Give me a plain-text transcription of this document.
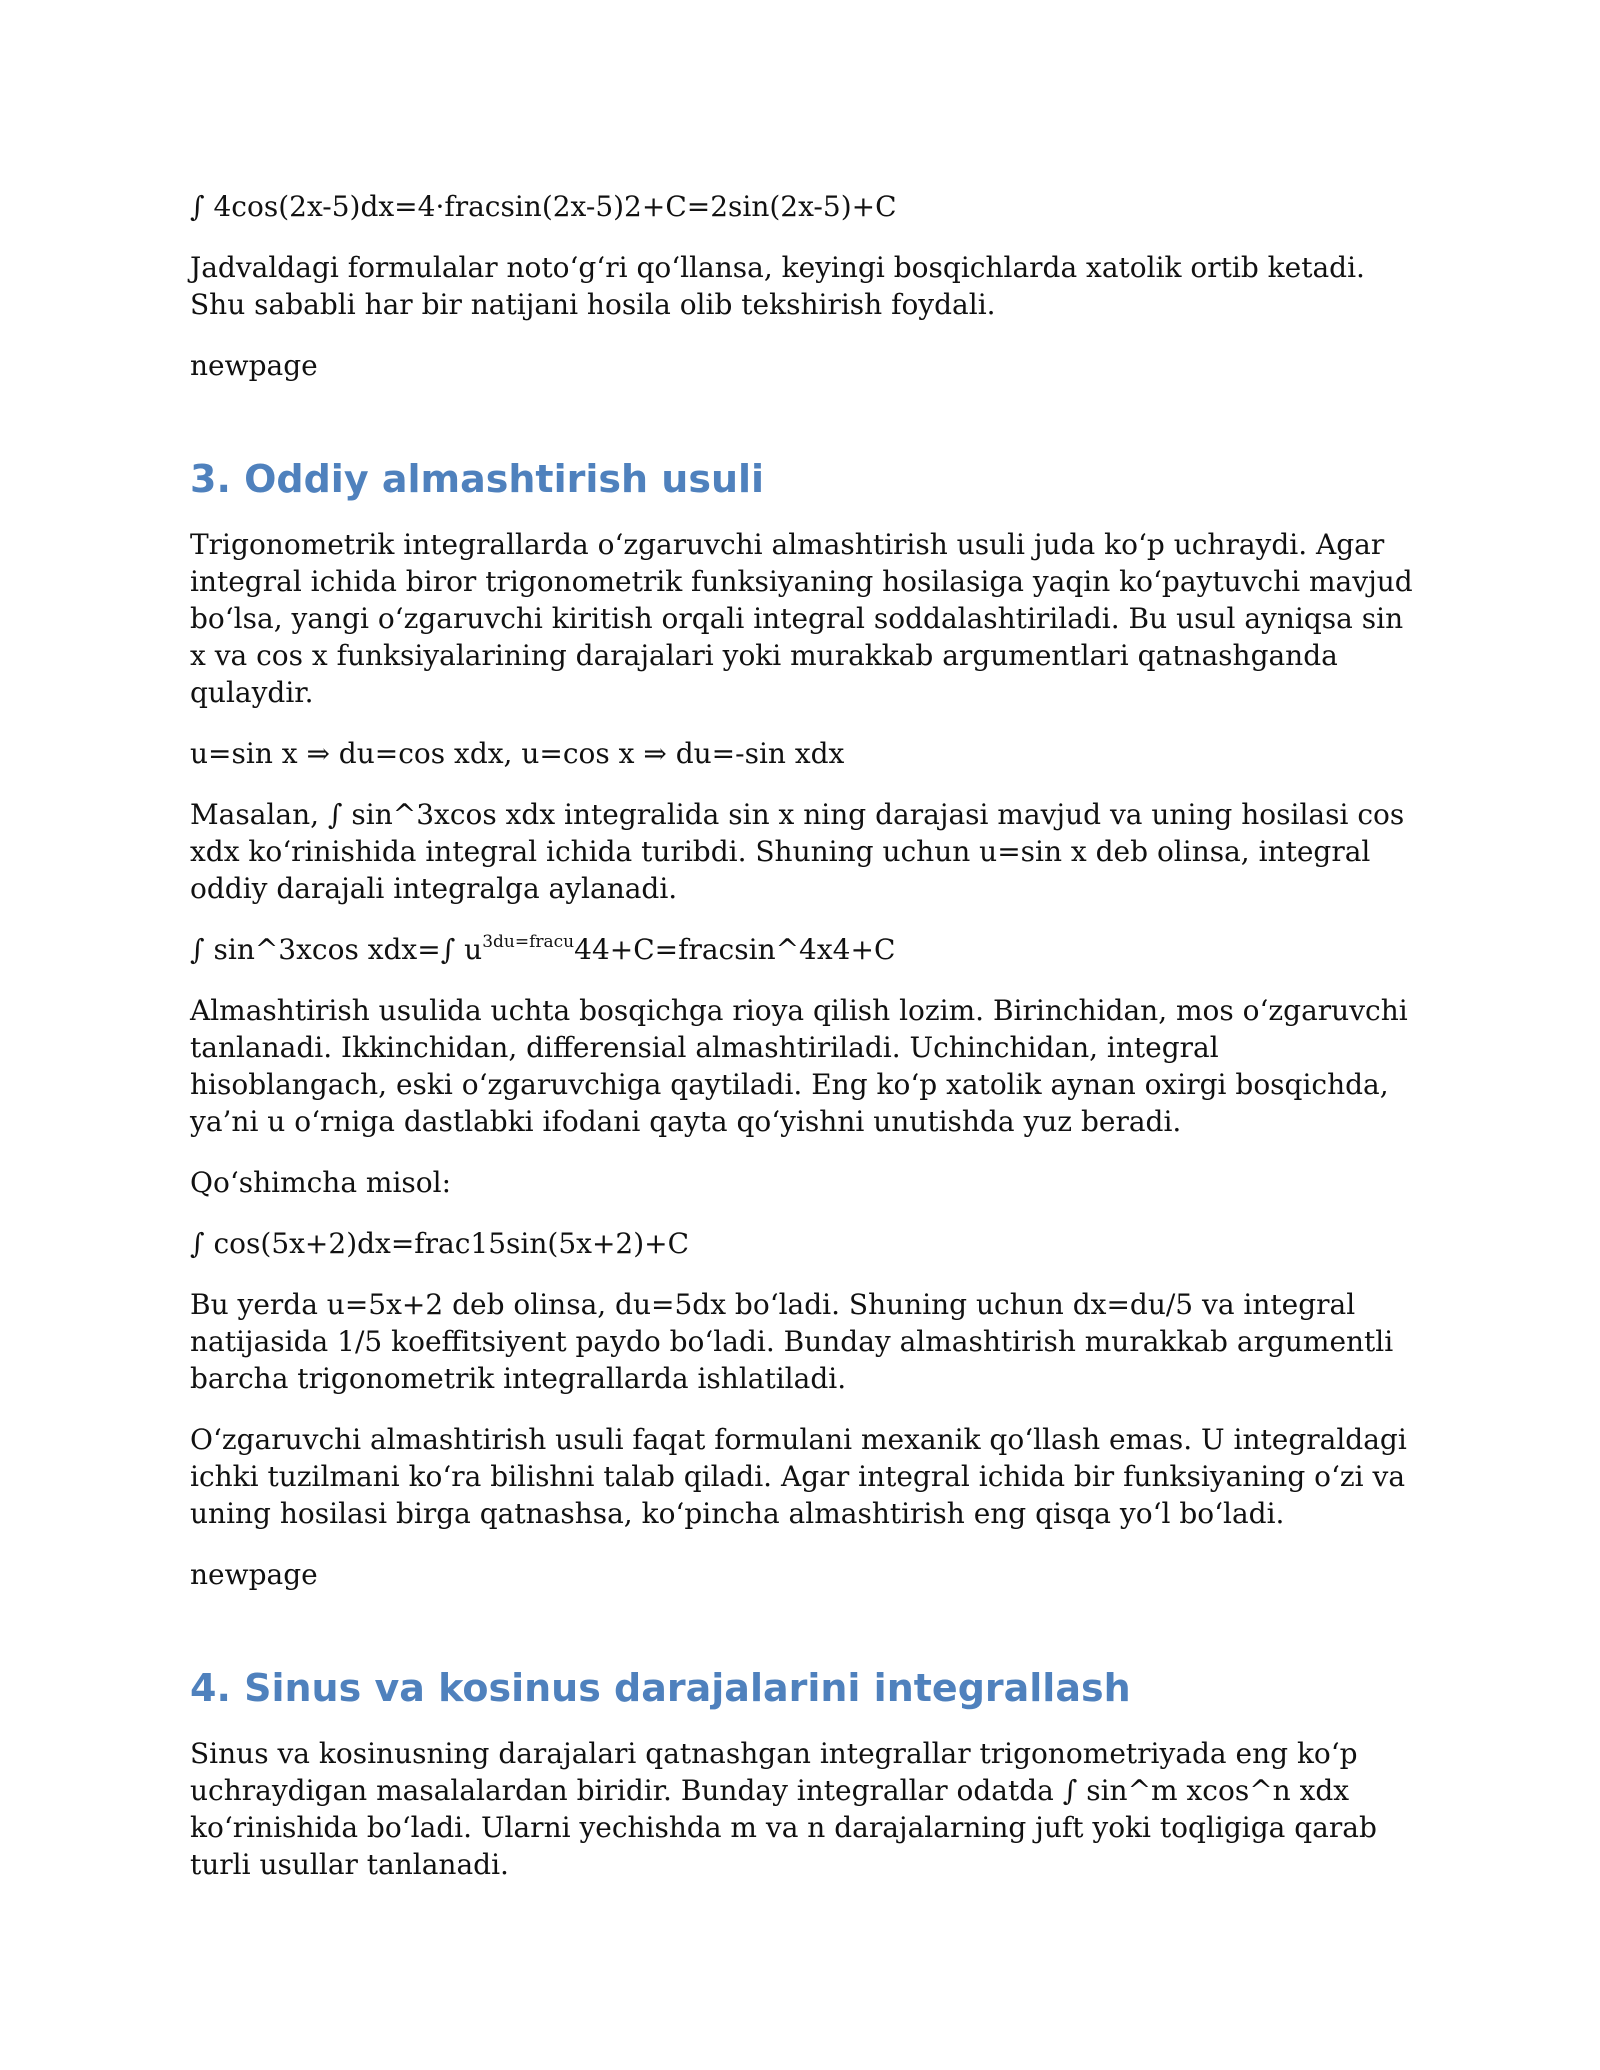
∫ 4cos(2x-5)dx=4·fracsin(2x-5)2+C=2sin(2x-5)+C

Jadvaldagi formulalar noto‘g‘ri qo‘llansa, keyingi bosqichlarda xatolik ortib ketadi. Shu sababli har bir natijani hosila olib tekshirish foydali.

newpage

3. Oddiy almashtirish usuli

Trigonometrik integrallarda o‘zgaruvchi almashtirish usuli juda ko‘p uchraydi. Agar integral ichida biror trigonometrik funksiyaning hosilasiga yaqin ko‘paytuvchi mavjud bo‘lsa, yangi o‘zgaruvchi kiritish orqali integral soddalashtiriladi. Bu usul ayniqsa sin x va cos x funksiyalarining darajalari yoki murakkab argumentlari qatnashganda qulaydir.

u=sin x ⇒ du=cos xdx, u=cos x ⇒ du=-sin xdx

Masalan, ∫ sin^3xcos xdx integralida sin x ning darajasi mavjud va uning hosilasi cos xdx ko‘rinishida integral ichida turibdi. Shuning uchun u=sin x deb olinsa, integral oddiy darajali integralga aylanadi.

∫ sin^3xcos xdx=∫ $u^{3du=fracu}44+C=fracsin\^{}4x4+C$

Almashtirish usulida uchta bosqichga rioya qilish lozim. Birinchidan, mos o‘zgaruvchi tanlanadi. Ikkinchidan, differensial almashtiriladi. Uchinchidan, integral hisoblangach, eski o‘zgaruvchiga qaytiladi. Eng ko‘p xatolik aynan oxirgi bosqichda, ya’ni u o‘rniga dastlabki ifodani qayta qo‘yishni unutishda yuz beradi.

Qo‘shimcha misol:

∫ cos(5x+2)dx=frac15sin(5x+2)+C

Bu yerda u=5x+2 deb olinsa, du=5dx bo‘ladi. Shuning uchun dx=du/5 va integral natijasida 1/5 koeffitsiyent paydo bo‘ladi. Bunday almashtirish murakkab argumentli barcha trigonometrik integrallarda ishlatiladi.

O‘zgaruvchi almashtirish usuli faqat formulani mexanik qo‘llash emas. U integraldagi ichki tuzilmani ko‘ra bilishni talab qiladi. Agar integral ichida bir funksiyaning o‘zi va uning hosilasi birga qatnashsa, ko‘pincha almashtirish eng qisqa yo‘l bo‘ladi.

newpage

4. Sinus va kosinus darajalarini integrallash

Sinus va kosinusning darajalari qatnashgan integrallar trigonometriyada eng ko‘p uchraydigan masalalardan biridir. Bunday integrallar odatda ∫ sin^m xcos^n xdx ko‘rinishida bo‘ladi. Ularni yechishda m va n darajalarning juft yoki toqligiga qarab turli usullar tanlanadi.
